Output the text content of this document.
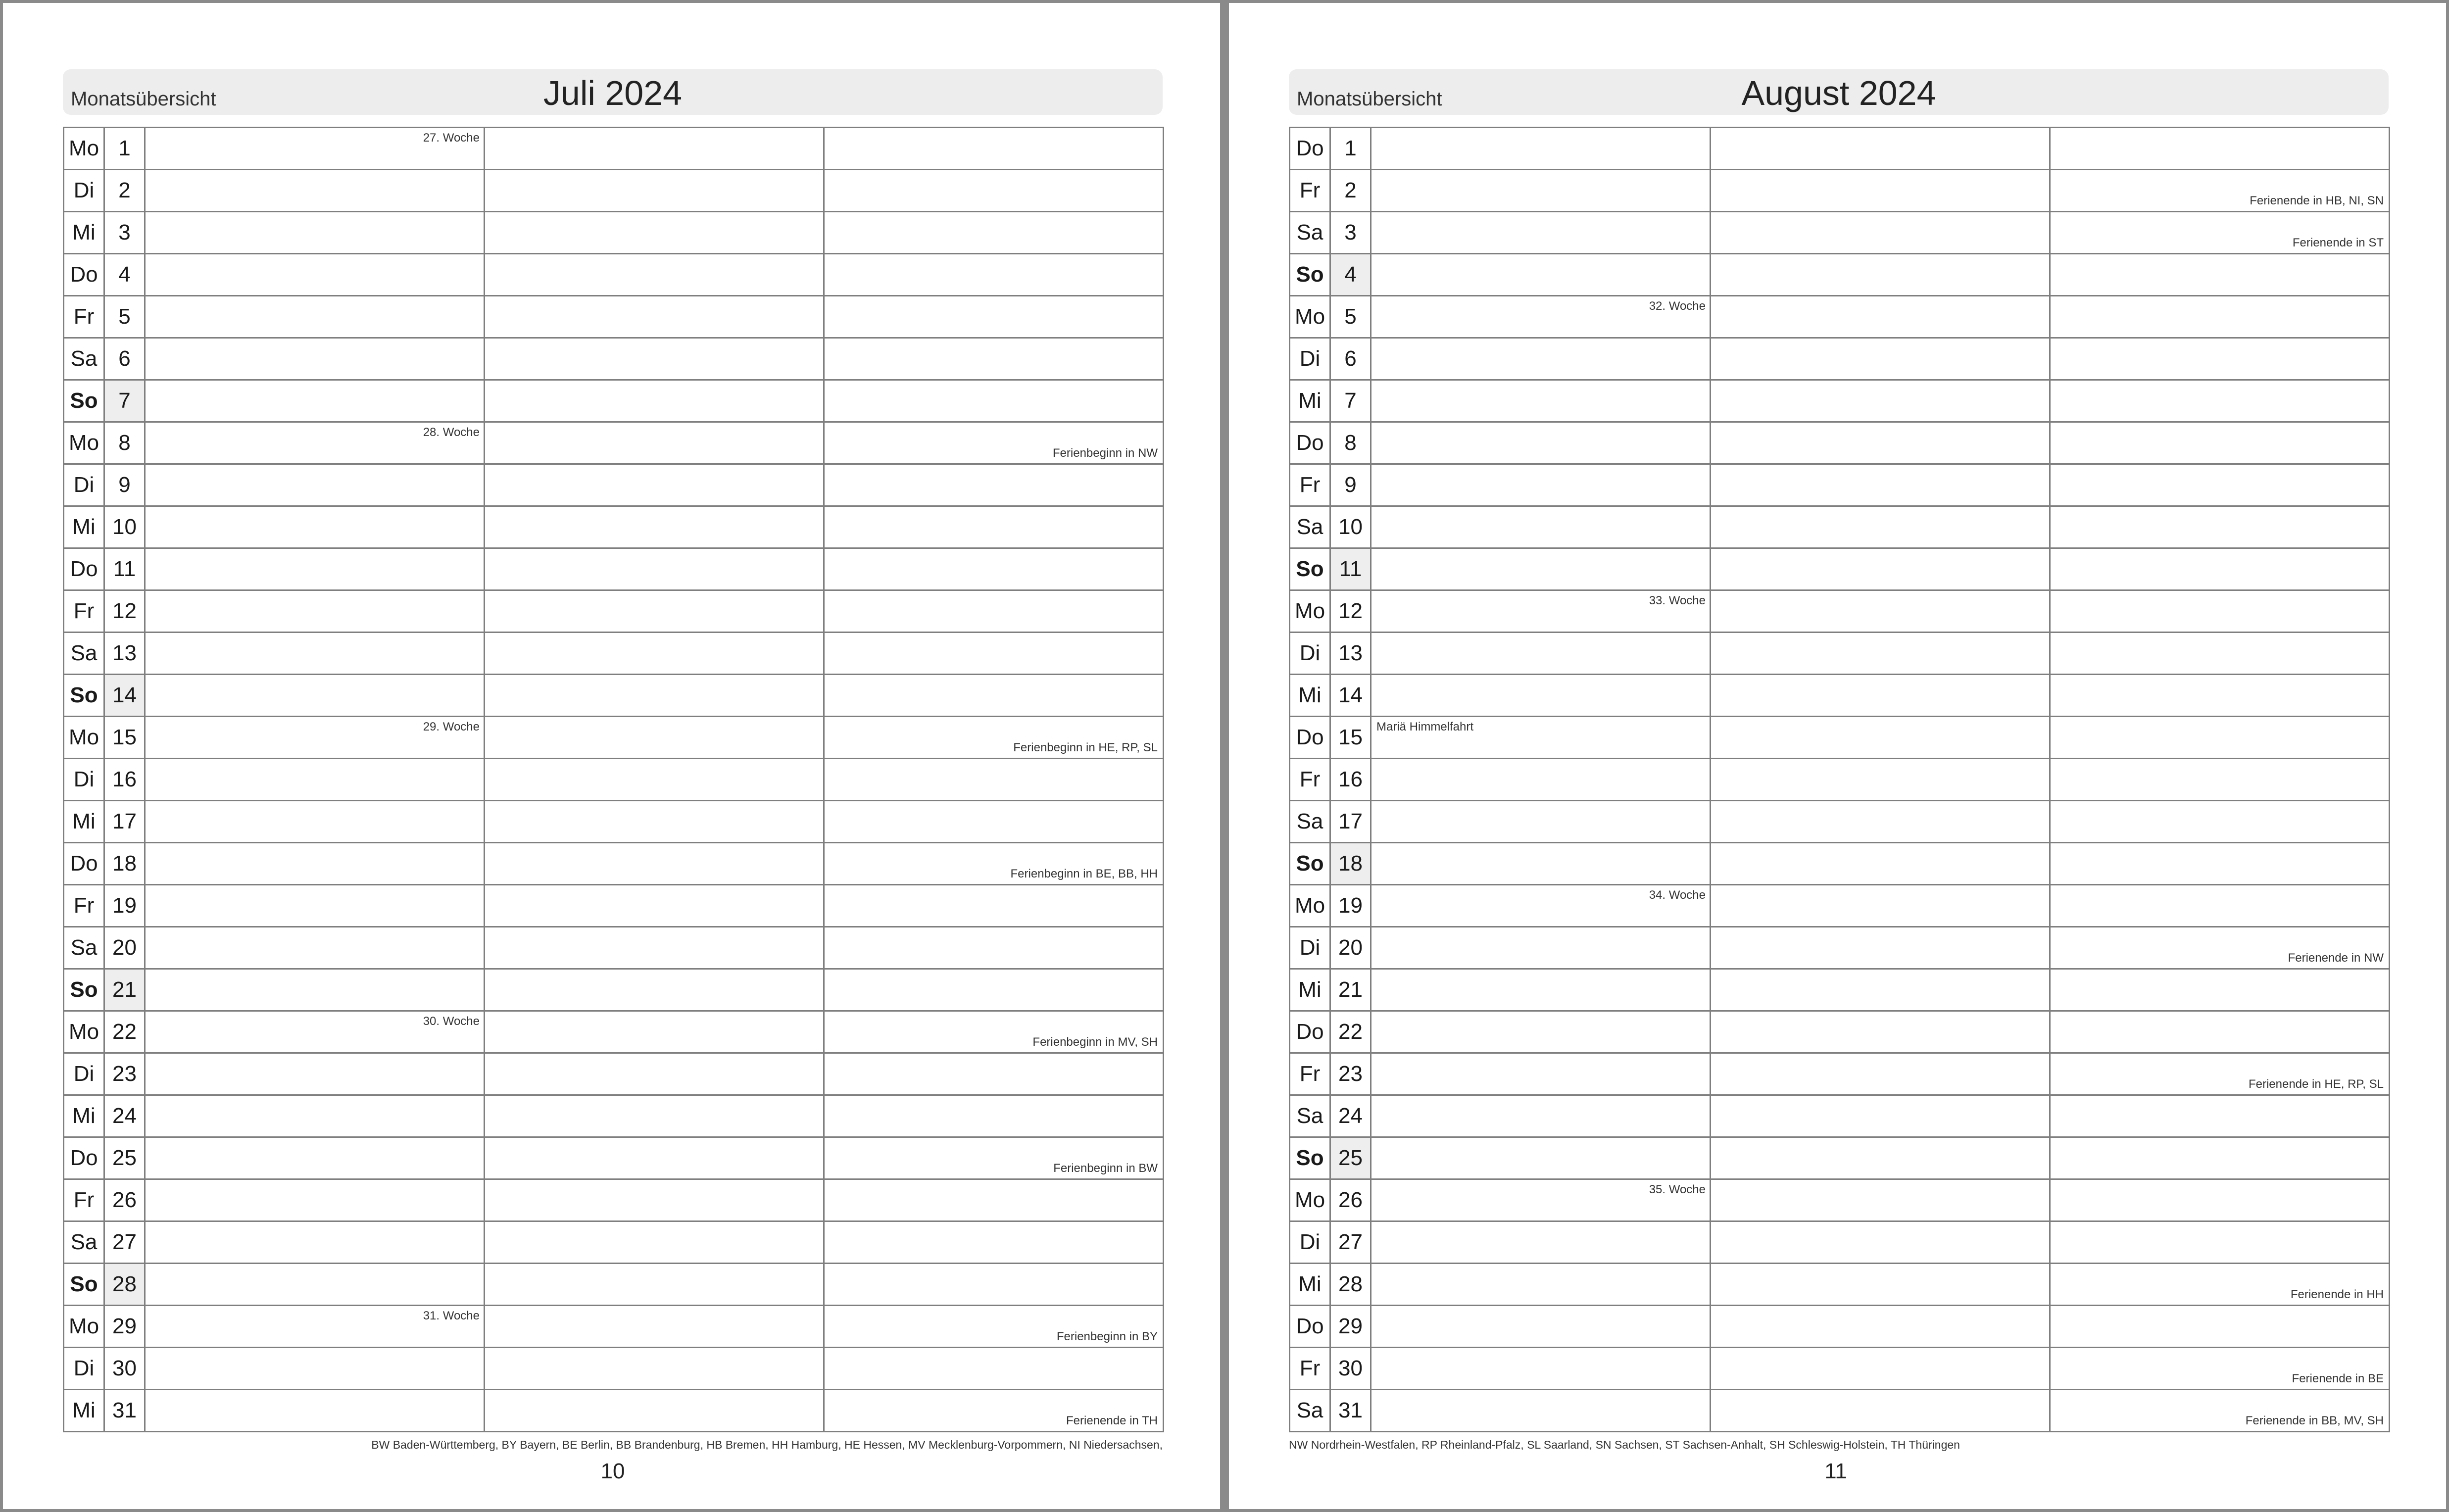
Monatsübersicht	Juli 2024
Mo	1	27. Woche		

Di	2			
Mi	3			
Do	4			
Fr	5			
Sa	6			
So	7			
Mo	8	28. Woche		Ferienbeginn in NW

Di	9			
Mi	10			
Do	11			
Fr	12			
Sa	13			
So	14			
Mo	15	29. Woche		Ferienbeginn in HE, RP, SL

Di	16			
Mi	17			
Do	18			Ferienbeginn in BE, BB, HH

Fr	19			
Sa	20			
So	21			
Mo	22	30. Woche		Ferienbeginn in MV, SH

Di	23			
Mi	24			
Do	25			Ferienbeginn in BW

Fr	26			
Sa	27			
So	28			
Mo	29	31. Woche		Ferienbeginn in BY

Di	30			
Mi	31			Ferienende in TH
BW Baden-Württemberg, BY Bayern, BE Berlin, BB Brandenburg, HB Bremen, HH Hamburg, HE Hessen, MV Mecklenburg-Vorpommern, NI Niedersachsen,
10
Monatsübersicht	August 2024
Do	1			
Fr	2			Ferienende in HB, NI, SN

Sa	3			Ferienende in ST

So	4			
Mo	5	32. Woche		

Di	6			
Mi	7			
Do	8			
Fr	9			
Sa	10			
So	11			
Mo	12	33. Woche		

Di	13			
Mi	14			
Do	15	Mariä Himmelfahrt		

Fr	16			
Sa	17			
So	18			
Mo	19	34. Woche		

Di	20			Ferienende in NW

Mi	21			
Do	22			
Fr	23			Ferienende in HE, RP, SL

Sa	24			
So	25			
Mo	26	35. Woche		

Di	27			
Mi	28			Ferienende in HH

Do	29			
Fr	30			Ferienende in BE

Sa	31			Ferienende in BB, MV, SH
NW Nordrhein-Westfalen, RP Rheinland-Pfalz, SL Saarland, SN Sachsen, ST Sachsen-Anhalt, SH Schleswig-Holstein, TH Thüringen
11
